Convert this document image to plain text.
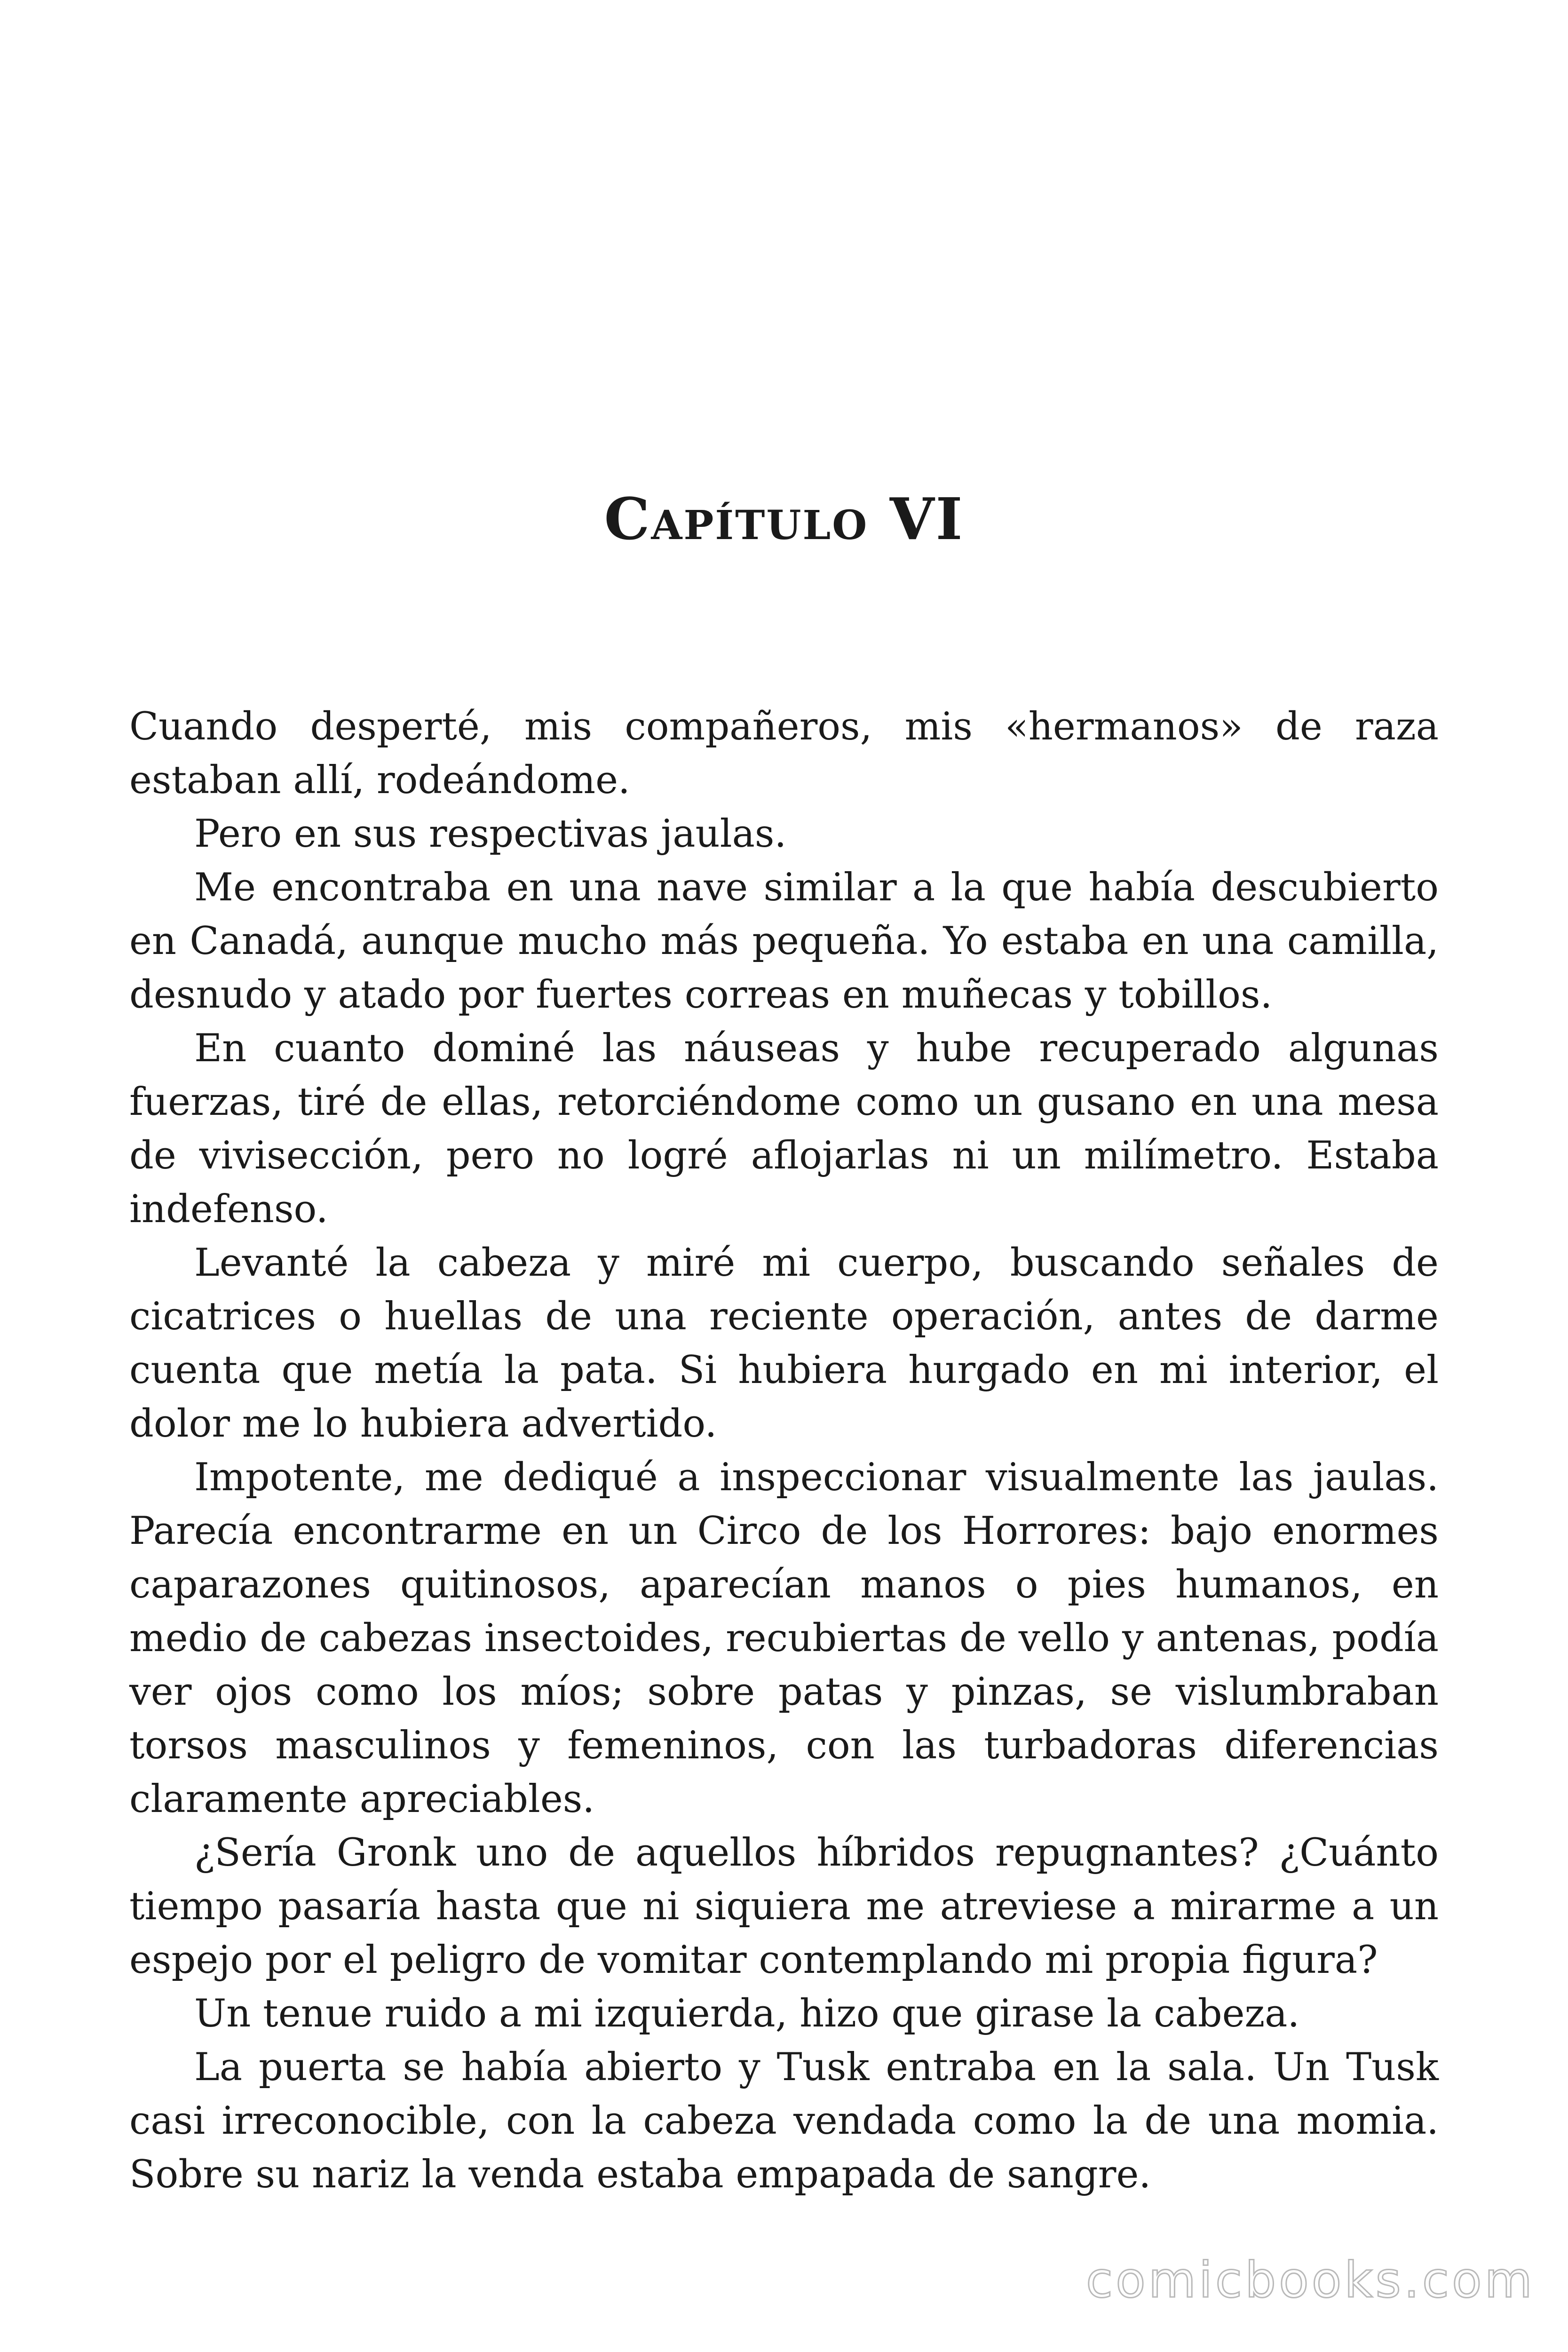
Capítulo VI

Cuando desperté, mis compañeros, mis «hermanos» de raza estaban allí, rodeándome.

Pero en sus respectivas jaulas.

Me encontraba en una nave similar a la que había descubierto en Canadá, aunque mucho más pequeña. Yo estaba en una camilla, desnudo y atado por fuertes correas en muñecas y tobillos.

En cuanto dominé las náuseas y hube recuperado algunas fuerzas, tiré de ellas, retorciéndome como un gusano en una mesa de vivisección, pero no logré aflojarlas ni un milímetro. Estaba indefenso.

Levanté la cabeza y miré mi cuerpo, buscando señales de cicatrices o huellas de una reciente operación, antes de darme cuenta que metía la pata. Si hubiera hurgado en mi interior, el dolor me lo hubiera advertido.

Impotente, me dediqué a inspeccionar visualmente las jaulas. Parecía encontrarme en un Circo de los Horrores: bajo enormes caparazones quitinosos, aparecían manos o pies humanos, en medio de cabezas insectoides, recubiertas de vello y antenas, podía ver ojos como los míos; sobre patas y pinzas, se vislumbraban torsos masculinos y femeninos, con las turbadoras diferencias claramente apreciables.

¿Sería Gronk uno de aquellos híbridos repugnantes? ¿Cuánto tiempo pasaría hasta que ni siquiera me atreviese a mirarme a un espejo por el peligro de vomitar contemplando mi propia figura?

Un tenue ruido a mi izquierda, hizo que girase la cabeza.

La puerta se había abierto y Tusk entraba en la sala. Un Tusk casi irreconocible, con la cabeza vendada como la de una momia. Sobre su nariz la venda estaba empapada de sangre.

comicbooks.com
